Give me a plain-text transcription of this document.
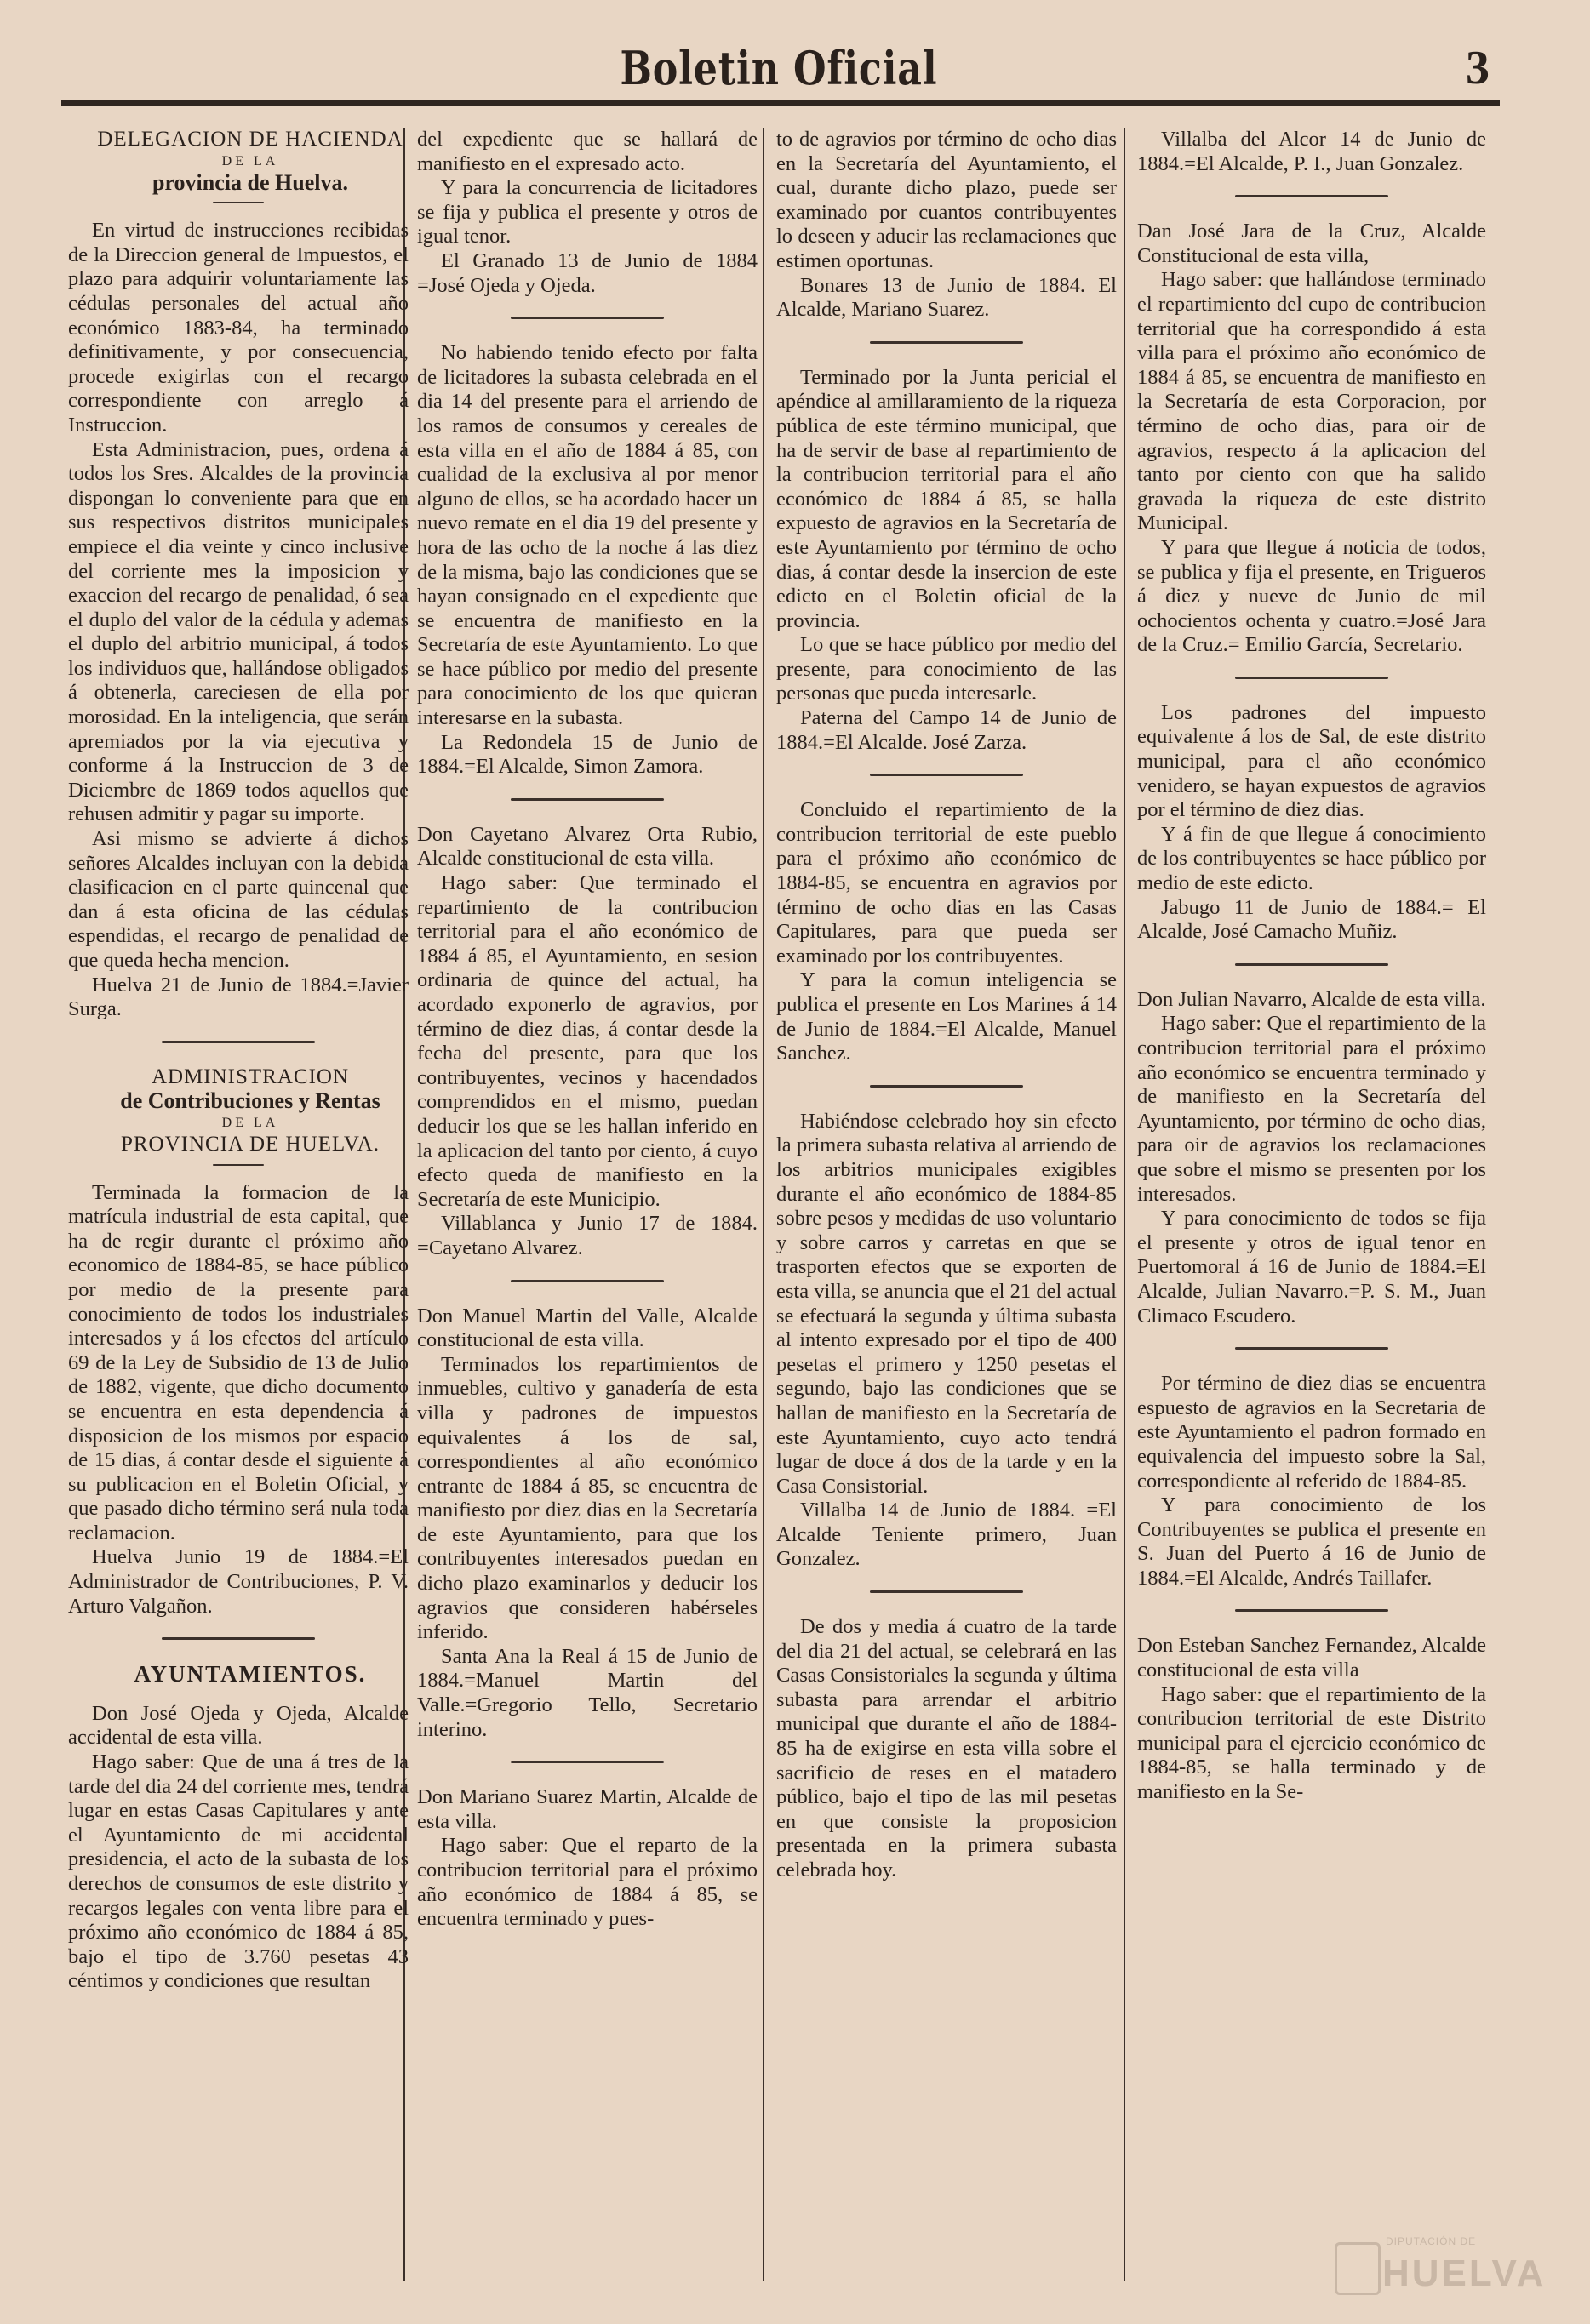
Boletin Oficial	3

DELEGACION DE HACIENDA

DE LA

provincia de Huelva.

En virtud de instrucciones recibidas de la Direccion general de Impuestos, el plazo para adquirir voluntariamente las cédulas personales del actual año económico 1883-84, ha terminado definitivamente, y por consecuencia, procede exigirlas con el recargo correspondiente con arreglo á Instruccion.

Esta Administracion, pues, ordena á todos los Sres. Alcaldes de la provincia dispongan lo conveniente para que en sus respectivos distritos municipales empiece el dia veinte y cinco inclusive del corriente mes la imposicion y exaccion del recargo de penalidad, ó sea el duplo del valor de la cédula y ademas el duplo del arbitrio municipal, á todos los individuos que, hallándose obligados á obtenerla, careciesen de ella por morosidad. En la inteligencia, que serán apremiados por la via ejecutiva y conforme á la Instruccion de 3 de Diciembre de 1869 todos aquellos que rehusen admitir y pagar su importe.

Asi mismo se advierte á dichos señores Alcaldes incluyan con la debida clasificacion en el parte quincenal que dan á esta oficina de las cédulas espendidas, el recargo de penalidad de que queda hecha mencion.

Huelva 21 de Junio de 1884.=Javier Surga.

ADMINISTRACION

de Contribuciones y Rentas

DE LA

PROVINCIA DE HUELVA.

Terminada la formacion de la matrícula industrial de esta capital, que ha de regir durante el próximo año economico de 1884-85, se hace público por medio de la presente para conocimiento de todos los industriales interesados y á los efectos del artículo 69 de la Ley de Subsidio de 13 de Julio de 1882, vigente, que dicho documento se encuentra en esta dependencia á disposicion de los mismos por espacio de 15 dias, á contar desde el siguiente á su publicacion en el Boletin Oficial, y que pasado dicho término será nula toda reclamacion.

Huelva Junio 19 de 1884.=El Administrador de Contribuciones, P. V. Arturo Valgañon.

AYUNTAMIENTOS.

Don José Ojeda y Ojeda, Alcalde accidental de esta villa.

Hago saber: Que de una á tres de la tarde del dia 24 del corriente mes, tendrá lugar en estas Casas Capitulares y ante el Ayuntamiento de mi accidental presidencia, el acto de la subasta de los derechos de consumos de este distrito y recargos legales con venta libre para el próximo año económico de 1884 á 85, bajo el tipo de 3.760 pesetas 43 céntimos y condiciones que resultan

del expediente que se hallará de manifiesto en el expresado acto.

Y para la concurrencia de licitadores se fija y publica el presente y otros de igual tenor.

El Granado 13 de Junio de 1884 =José Ojeda y Ojeda.

No habiendo tenido efecto por falta de licitadores la subasta celebrada en el dia 14 del presente para el arriendo de los ramos de consumos y cereales de esta villa en el año de 1884 á 85, con cualidad de la exclusiva al por menor alguno de ellos, se ha acordado hacer un nuevo remate en el dia 19 del presente y hora de las ocho de la noche á las diez de la misma, bajo las condiciones que se hayan consignado en el expediente que se encuentra de manifiesto en la Secretaría de este Ayuntamiento. Lo que se hace público por medio del presente para conocimiento de los que quieran interesarse en la subasta.

La Redondela 15 de Junio de 1884.=El Alcalde, Simon Zamora.

Don Cayetano Alvarez Orta Rubio, Alcalde constitucional de esta villa.

Hago saber: Que terminado el repartimiento de la contribucion territorial para el año económico de 1884 á 85, el Ayuntamiento, en sesion ordinaria de quince del actual, ha acordado exponerlo de agravios, por término de diez dias, á contar desde la fecha del presente, para que los contribuyentes, vecinos y hacendados comprendidos en el mismo, puedan deducir los que se les hallan inferido en la aplicacion del tanto por ciento, á cuyo efecto queda de manifiesto en la Secretaría de este Municipio.

Villablanca y Junio 17 de 1884. =Cayetano Alvarez.

Don Manuel Martin del Valle, Alcalde constitucional de esta villa.

Terminados los repartimientos de inmuebles, cultivo y ganadería de esta villa y padrones de impuestos equivalentes á los de sal, correspondientes al año económico entrante de 1884 á 85, se encuentra de manifiesto por diez dias en la Secretaría de este Ayuntamiento, para que los contribuyentes interesados puedan en dicho plazo examinarlos y deducir los agravios que consideren habérseles inferido.

Santa Ana la Real á 15 de Junio de 1884.=Manuel Martin del Valle.=Gregorio Tello, Secretario interino.

Don Mariano Suarez Martin, Alcalde de esta villa.

Hago saber: Que el reparto de la contribucion territorial para el próximo año económico de 1884 á 85, se encuentra terminado y pues-

to de agravios por término de ocho dias en la Secretaría del Ayuntamiento, el cual, durante dicho plazo, puede ser examinado por cuantos contribuyentes lo deseen y aducir las reclamaciones que estimen oportunas.

Bonares 13 de Junio de 1884. El Alcalde, Mariano Suarez.

Terminado por la Junta pericial el apéndice al amillaramiento de la riqueza pública de este término municipal, que ha de servir de base al repartimiento de la contribucion territorial para el año económico de 1884 á 85, se halla expuesto de agravios en la Secretaría de este Ayuntamiento por término de ocho dias, á contar desde la insercion de este edicto en el Boletin oficial de la provincia.

Lo que se hace público por medio del presente, para conocimiento de las personas que pueda interesarle.

Paterna del Campo 14 de Junio de 1884.=El Alcalde. José Zarza.

Concluido el repartimiento de la contribucion territorial de este pueblo para el próximo año económico de 1884-85, se encuentra en agravios por término de ocho dias en las Casas Capitulares, para que pueda ser examinado por los contribuyentes.

Y para la comun inteligencia se publica el presente en Los Marines á 14 de Junio de 1884.=El Alcalde, Manuel Sanchez.

Habiéndose celebrado hoy sin efecto la primera subasta relativa al arriendo de los arbitrios municipales exigibles durante el año económico de 1884-85 sobre pesos y medidas de uso voluntario y sobre carros y carretas en que se trasporten efectos que se exporten de esta villa, se anuncia que el 21 del actual se efectuará la segunda y última subasta al intento expresado por el tipo de 400 pesetas el primero y 1250 pesetas el segundo, bajo las condiciones que se hallan de manifiesto en la Secretaría de este Ayuntamiento, cuyo acto tendrá lugar de doce á dos de la tarde y en la Casa Consistorial.

Villalba 14 de Junio de 1884. =El Alcalde Teniente primero, Juan Gonzalez.

De dos y media á cuatro de la tarde del dia 21 del actual, se celebrará en las Casas Consistoriales la segunda y última subasta para arrendar el arbitrio municipal que durante el año de 1884-85 ha de exigirse en esta villa sobre el sacrificio de reses en el matadero público, bajo el tipo de las mil pesetas en que consiste la proposicion presentada en la primera subasta celebrada hoy.

Villalba del Alcor 14 de Junio de 1884.=El Alcalde, P. I., Juan Gonzalez.

Dan José Jara de la Cruz, Alcalde Constitucional de esta villa,

Hago saber: que hallándose terminado el repartimiento del cupo de contribucion territorial que ha correspondido á esta villa para el próximo año económico de 1884 á 85, se encuentra de manifiesto en la Secretaría de esta Corporacion, por término de ocho dias, para oir de agravios, respecto á la aplicacion del tanto por ciento con que ha salido gravada la riqueza de este distrito Municipal.

Y para que llegue á noticia de todos, se publica y fija el presente, en Trigueros á diez y nueve de Junio de mil ochocientos ochenta y cuatro.=José Jara de la Cruz.= Emilio García, Secretario.

Los padrones del impuesto equivalente á los de Sal, de este distrito municipal, para el año económico venidero, se hayan expuestos de agravios por el término de diez dias.

Y á fin de que llegue á conocimiento de los contribuyentes se hace público por medio de este edicto.

Jabugo 11 de Junio de 1884.= El Alcalde, José Camacho Muñiz.

Don Julian Navarro, Alcalde de esta villa.

Hago saber: Que el repartimiento de la contribucion territorial para el próximo año económico se encuentra terminado y de manifiesto en la Secretaría del Ayuntamiento, por término de ocho dias, para oir de agravios los reclamaciones que sobre el mismo se presenten por los interesados.

Y para conocimiento de todos se fija el presente y otros de igual tenor en Puertomoral á 16 de Junio de 1884.=El Alcalde, Julian Navarro.=P. S. M., Juan Climaco Escudero.

Por término de diez dias se encuentra espuesto de agravios en la Secretaria de este Ayuntamiento el padron formado en equivalencia del impuesto sobre la Sal, correspondiente al referido de 1884-85.

Y para conocimiento de los Contribuyentes se publica el presente en S. Juan del Puerto á 16 de Junio de 1884.=El Alcalde, Andrés Taillafer.

Don Esteban Sanchez Fernandez, Alcalde constitucional de esta villa

Hago saber: que el repartimiento de la contribucion territorial de este Distrito municipal para el ejercicio económico de 1884-85, se halla terminado y de manifiesto en la Se-

DIPUTACIÓN DE
HUELVA
